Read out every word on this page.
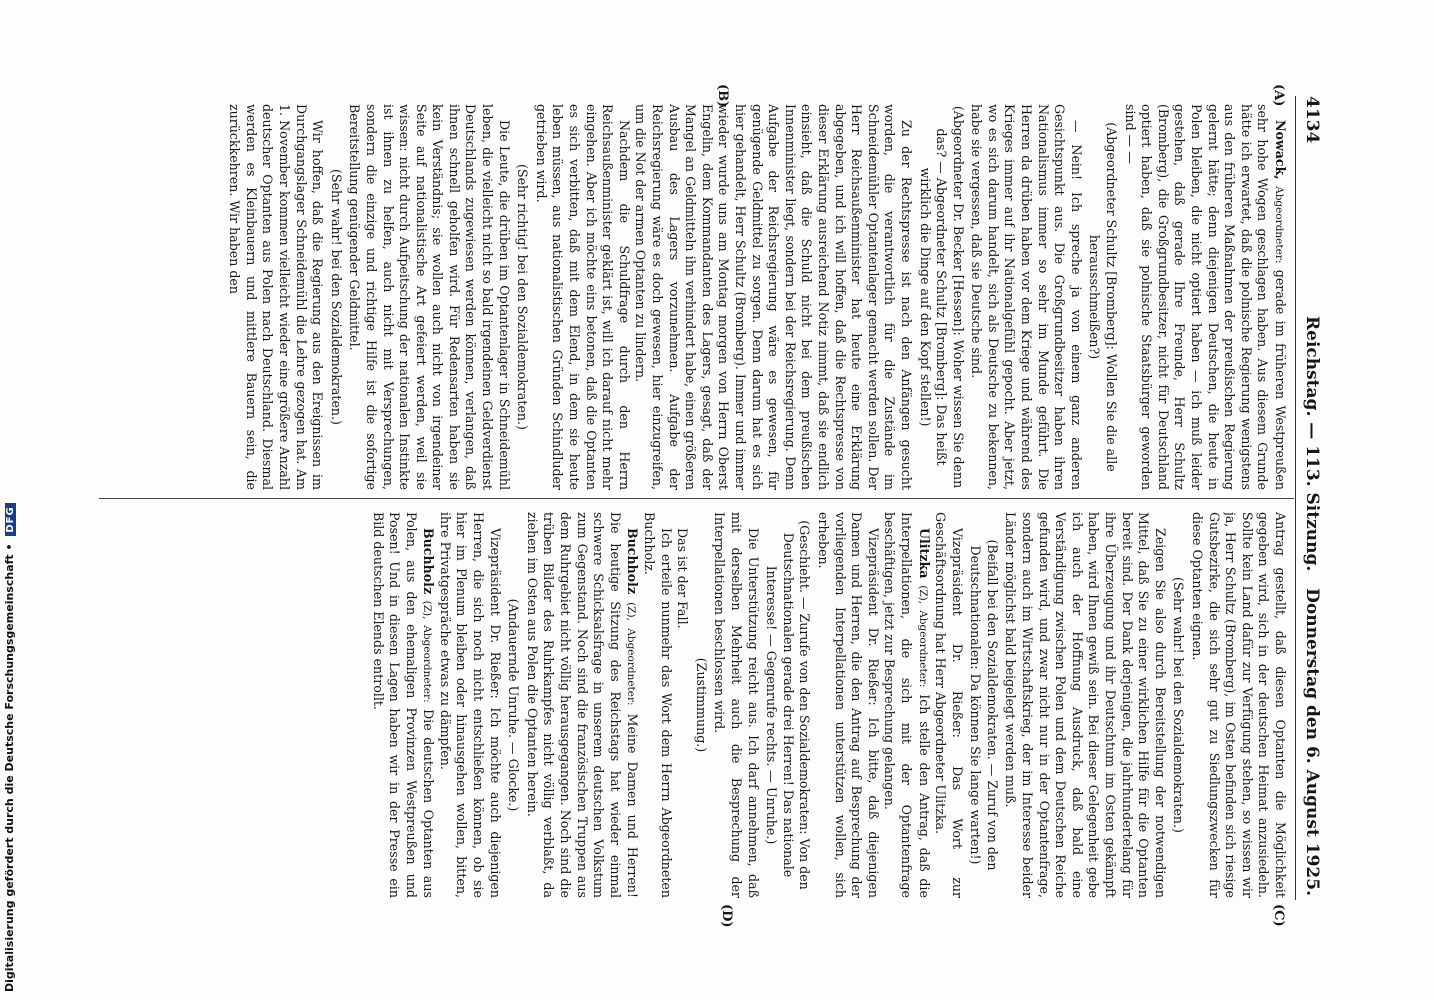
4134
Reichstag. — 113. Sitzung.
Donnerstag den 6. August 1925.
(A)
(B)
(C)
(D)

Nowack, Abgeordneter: gerade im früheren Westpreußen sehr hohe Wogen geschlagen haben. Aus diesem Grunde hätte ich erwartet, daß die polnische Regierung wenigstens aus den früheren Maßnahmen der preußischen Regierung gelernt hätte; denn diejenigen Deutschen, die heute in Polen bleiben, die nicht optiert haben — ich muß leider gestehen, daß gerade Ihre Freunde, Herr Schultz (Bromberg), die Großgrundbesitzer, nicht für Deutschland optiert haben, daß sie polnische Staatsbürger geworden sind — —

(Abgeordneter Schultz [Bromberg]: Wollen Sie die alle herausschmeißen?)

— Nein! Ich spreche ja von einem ganz anderen Gesichtspunkt aus. Die Großgrundbesitzer haben ihren Nationalismus immer so sehr im Munde geführt. Die Herren da drüben haben vor dem Kriege und während des Krieges immer auf ihr Nationalgefühl gepocht. Aber jetzt, wo es sich darum handelt, sich als Deutsche zu bekennen, habe sie vergessen, daß sie Deutsche sind.

(Abgeordneter Dr. Becker [Hessen]: Woher wissen Sie denn das? — Abgeordneter Schultz [Bromberg]: Das heißt wirklich die Dinge auf den Kopf stellen!)

Zu der Rechtspresse ist nach den Anfängen gesucht worden, die verantwortlich für die Zustände im Schneidemühler Optantenlager gemacht werden sollen. Der Herr Reichsaußenminister hat heute eine Erklärung abgegeben, und ich will hoffen, daß die Rechtspresse von dieser Erklärung ausreichend Notiz nimmt, daß sie endlich einsieht, daß die Schuld nicht bei dem preußischen Innenminister liegt, sondern bei der Reichsregierung. Denn Aufgabe der Reichsregierung wäre es gewesen, für genügende Geldmittel zu sorgen. Denn darum hat es sich hier gehandelt, Herr Schultz (Bromberg). Immer und immer wieder wurde uns am Montag morgen von Herrn Oberst Engelin, dem Kommandanten des Lagers, gesagt, daß der Mangel an Geldmitteln ihn verhindert habe, einen größeren Ausbau des Lagers vorzunehmen. Aufgabe der Reichsregierung wäre es doch gewesen, hier einzugreifen, um die Not der armen Optanten zu lindern.

Nachdem die Schuldfrage durch den Herrn Reichsaußenminister geklärt ist, will ich darauf nicht mehr eingehen. Aber ich möchte eins betonen, daß die Optanten es sich verbitten, daß mit dem Elend, in dem sie heute leben müssen, aus nationalistischen Gründen Schindluder getrieben wird.

(Sehr richtig! bei den Sozialdemokraten.)

Die Leute, die drüben im Optantenlager in Schneidemühl leben, die vielleicht nicht so bald irgendeinen Geldverdienst Deutschlands zugewiesen werden können, verlangen, daß ihnen schnell geholfen wird. Für Redensarten haben sie kein Verständnis; sie wollen auch nicht von irgendeiner Seite auf nationalistische Art gefeiert werden, weil sie wissen: nicht durch Aufpeitschung der nationalen Instinkte ist ihnen zu helfen, auch nicht mit Versprechungen, sondern die einzige und richtige Hilfe ist die sofortige Bereitstellung genügender Geldmittel.

(Sehr wahr! bei den Sozialdemokraten.)

Wir hoffen, daß die Regierung aus den Ereignissen im Durchgangslager Schneidemühl die Lehre gezogen hat. Am 1. November kommen vielleicht wieder eine größere Anzahl deutscher Optanten aus Polen nach Deutschland. Diesmal werden es Kleinbauern und mittlere Bauern sein, die zurückkehren. Wir haben den

Antrag gestellt, daß diesen Optanten die Möglichkeit gegeben wird, sich in der deutschen Heimat anzusiedeln. Sollte kein Land dafür zur Verfügung stehen, so wissen wir ja, Herr Schultz (Bromberg), im Osten befinden sich riesige Gutsbezirke, die sich sehr gut zu Siedlungszwecken für diese Optanten eignen.

(Sehr wahr! bei den Sozialdemokraten.)

Zeigen Sie also durch Bereitstellung der notwendigen Mittel, daß Sie zu einer wirklichen Hilfe für die Optanten bereit sind. Der Dank derjenigen, die jahrhundertelang für ihre Überzeugung und ihr Deutschtum im Osten gekämpft haben, wird Ihnen gewiß sein. Bei dieser Gelegenheit gebe ich auch der Hoffnung Ausdruck, daß bald eine Verständigung zwischen Polen und dem Deutschen Reiche gefunden wird, und zwar nicht nur in der Optantenfrage, sondern auch im Wirtschaftskrieg, der im Interesse beider Länder möglichst bald beigelegt werden muß.

(Beifall bei den Sozialdemokraten. — Zuruf von den Deutschnationalen: Da können Sie lange warten!)

Vizepräsident Dr. Rießer: Das Wort zur Geschäftsordnung hat Herr Abgeordneter Ulitzka.

Ulitzka (Z), Abgeordneter: Ich stelle den Antrag, daß die Interpellationen, die sich mit der Optantenfrage beschäftigen, jetzt zur Besprechung gelangen.

Vizepräsident Dr. Rießer: Ich bitte, daß diejenigen Damen und Herren, die den Antrag auf Besprechung der vorliegenden Interpellationen unterstützen wollen, sich erheben.

(Geschieht. — Zurufe von den Sozialdemokraten: Von den Deutschnationalen gerade drei Herren! Das nationale Interesse! — Gegenrufe rechts. — Unruhe.)

Die Unterstützung reicht aus. Ich darf annehmen, daß mit derselben Mehrheit auch die Besprechung der Interpellationen beschlossen wird.

(Zustimmung.)

Das ist der Fall.

Ich erteile nunmehr das Wort dem Herrn Abgeordneten Buchholz.

Buchholz (Z), Abgeordneter: Meine Damen und Herren! Die heutige Sitzung des Reichstags hat wieder einmal schwere Schicksalsfrage in unserem deutschen Volkstum zum Gegenstand. Noch sind die französischen Truppen aus dem Ruhrgebiet nicht völlig herausgegangen. Noch sind die trüben Bilder des Ruhrkampfes nicht völlig verblaßt, da ziehen im Osten aus Polen die Optanten herein.

(Andauernde Unruhe. — Glocke.)

Vizepräsident Dr. Rießer: Ich möchte auch diejenigen Herren, die sich noch nicht entschließen können, ob sie hier im Plenum bleiben oder hinausgehen wollen, bitten, ihre Privatgespräche etwas zu dämpfen.

Buchholz (Z), Abgeordneter: Die deutschen Optanten aus Polen, aus den ehemaligen Provinzen Westpreußen und Posen! Und in diesen Lagen haben wir in der Presse ein Bild deutschen Elends entrollt.

Digitalisierung gefördert durch die Deutsche Forschungsgemeinschaft • DFG
